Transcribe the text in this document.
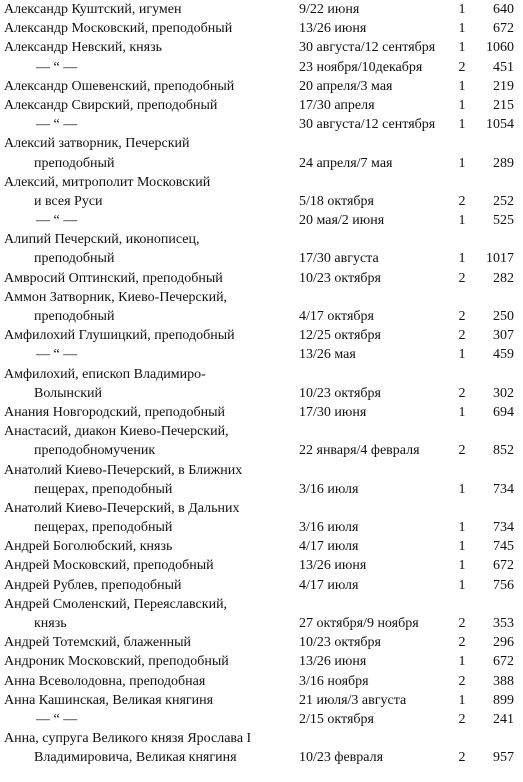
Александр Куштский, игумен	9/22 июня	1	640
Александр Московский, преподобный	13/26 июня	1	672
Александр Невский, князь	30 августа/12 сентября	1	1060
— “ —	23 ноября/10декабря	2	451
Александр Ошевенский, преподобный	20 апреля/3 мая	1	219
Александр Свирский, преподобный	17/30 апреля	1	215
— “ —	30 августа/12 сентября	1	1054
Алексий затворник, Печерский
преподобный	24 апреля/7 мая	1	289
Алексий, митрополит Московский
и всея Руси	5/18 октября	2	252
— “ —	20 мая/2 июня	1	525
Алипий Печерский, иконописец,
преподобный	17/30 августа	1	1017
Амвросий Оптинский, преподобный	10/23 октября	2	282
Аммон Затворник, Киево-Печерский,
преподобный	4/17 октября	2	250
Амфилохий Глушицкий, преподобный	12/25 октября	2	307
— “ —	13/26 мая	1	459
Амфилохий, епископ Владимиро-
Волынский	10/23 октября	2	302
Анания Новгородский, преподобный	17/30 июня	1	694
Анастасий, диакон Киево-Печерский,
преподобномученик	22 января/4 февраля	2	852
Анатолий Киево-Печерский, в Ближних
пещерах, преподобный	3/16 июля	1	734
Анатолий Киево-Печерский, в Дальних
пещерах, преподобный	3/16 июля	1	734
Андрей Боголюбский, князь	4/17 июля	1	745
Андрей Московский, преподобный	13/26 июня	1	672
Андрей Рублев, преподобный	4/17 июля	1	756
Андрей Смоленский, Переяславский,
князь	27 октября/9 ноября	2	353
Андрей Тотемский, блаженный	10/23 октября	2	296
Андроник Московский, преподобный	13/26 июня	1	672
Анна Всеволодовна, преподобная	3/16 ноября	2	388
Анна Кашинская, Великая княгиня	21 июля/3 августа	1	899
— “ —	2/15 октября	2	241
Анна, супруга Великого князя Ярослава I
Владимировича, Великая княгиня	10/23 февраля	2	957
